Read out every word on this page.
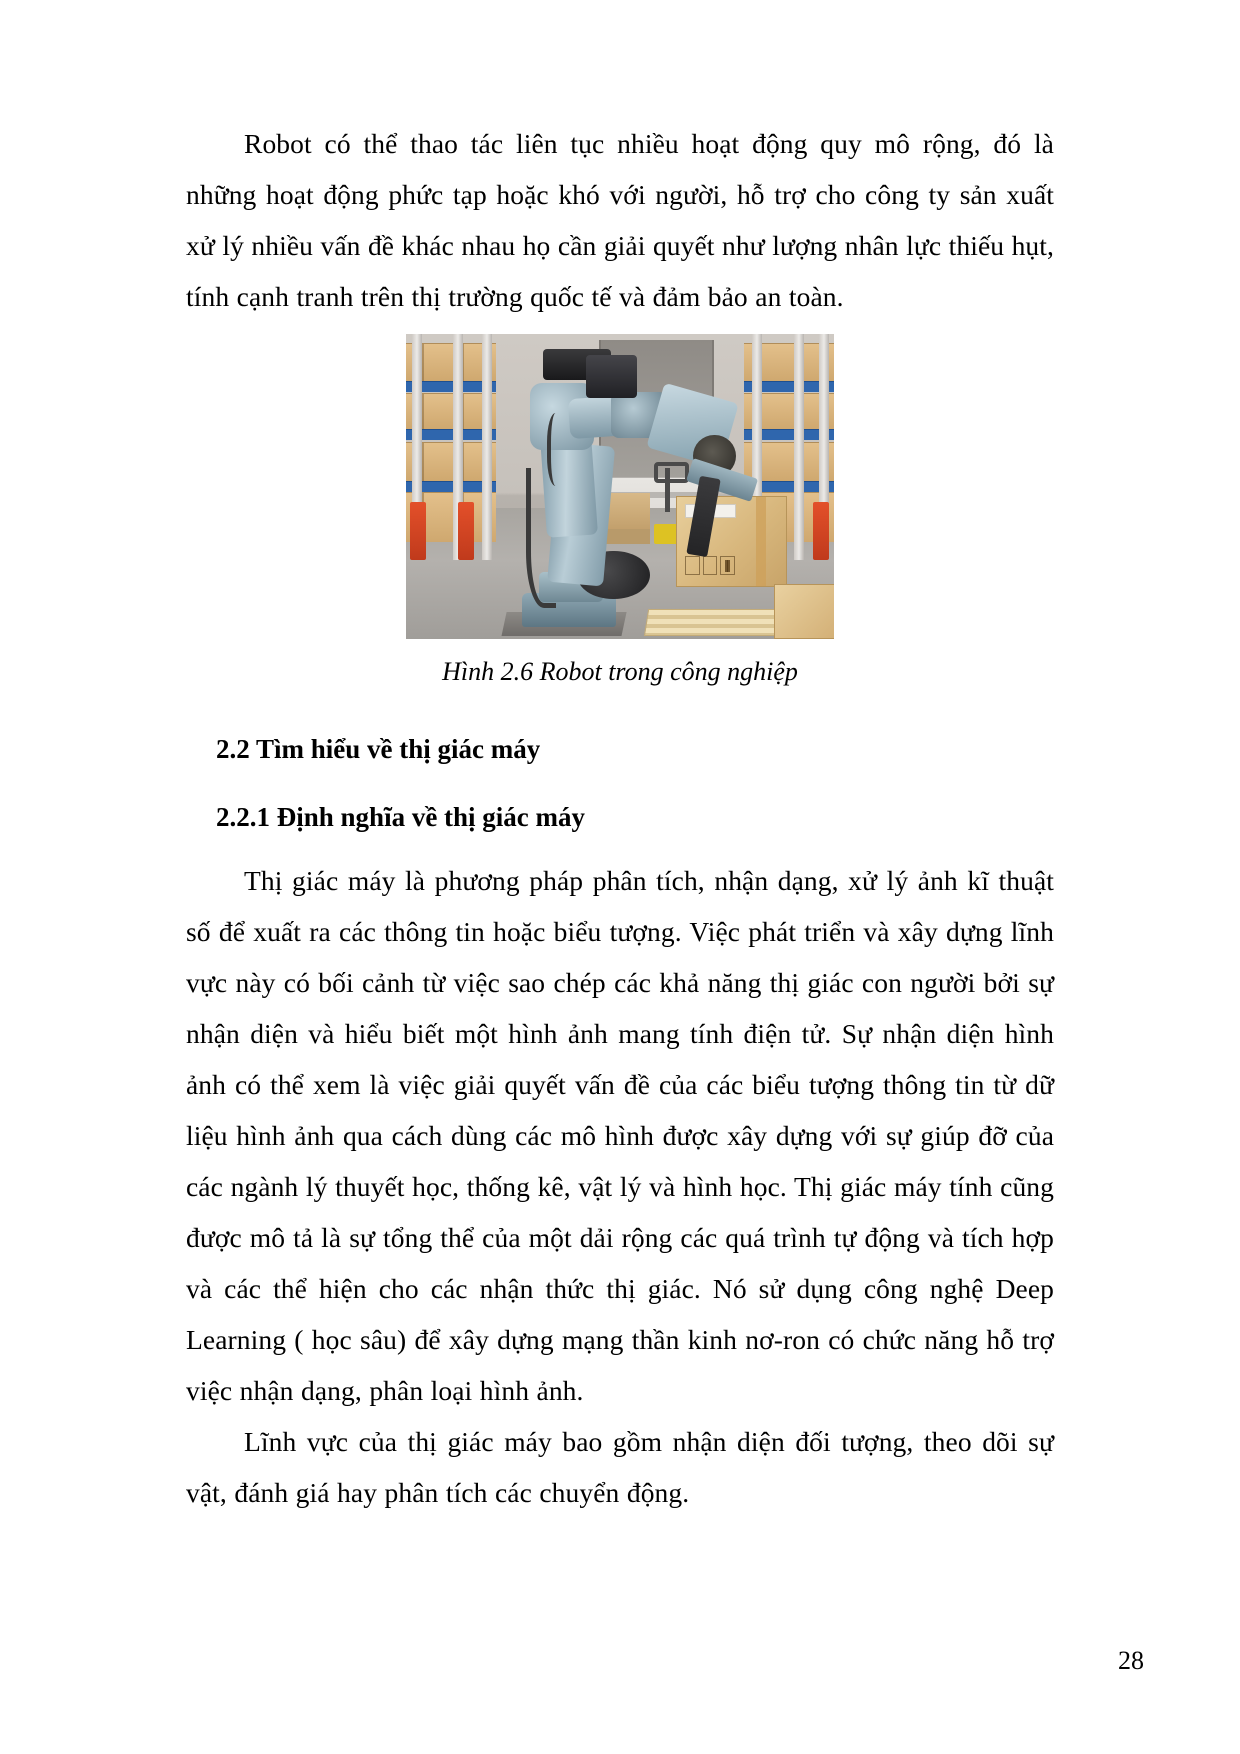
Robot có thể thao tác liên tục nhiều hoạt động quy mô rộng, đó là những hoạt động phức tạp hoặc khó với người, hỗ trợ cho công ty sản xuất xử lý nhiều vấn đề khác nhau họ cần giải quyết như lượng nhân lực thiếu hụt, tính cạnh tranh trên thị trường quốc tế và đảm bảo an toàn.

Hình 2.6 Robot trong công nghiệp
2.2 Tìm hiểu về thị giác máy
2.2.1 Định nghĩa về thị giác máy

Thị giác máy là phương pháp phân tích, nhận dạng, xử lý ảnh kĩ thuật số để xuất ra các thông tin hoặc biểu tượng. Việc phát triển và xây dựng lĩnh vực này có bối cảnh từ việc sao chép các khả năng thị giác con người bởi sự nhận diện và hiểu biết một hình ảnh mang tính điện tử. Sự nhận diện hình ảnh có thể xem là việc giải quyết vấn đề của các biểu tượng thông tin từ dữ liệu hình ảnh qua cách dùng các mô hình được xây dựng với sự giúp đỡ của các ngành lý thuyết học, thống kê, vật lý và hình học. Thị giác máy tính cũng được mô tả là sự tổng thể của một dải rộng các quá trình tự động và tích hợp và các thể hiện cho các nhận thức thị giác. Nó sử dụng công nghệ Deep Learning ( học sâu) để xây dựng mạng thần kinh nơ-ron có chức năng hỗ trợ việc nhận dạng, phân loại hình ảnh.

Lĩnh vực của thị giác máy bao gồm nhận diện đối tượng, theo dõi sự vật, đánh giá hay phân tích các chuyển động.

28
